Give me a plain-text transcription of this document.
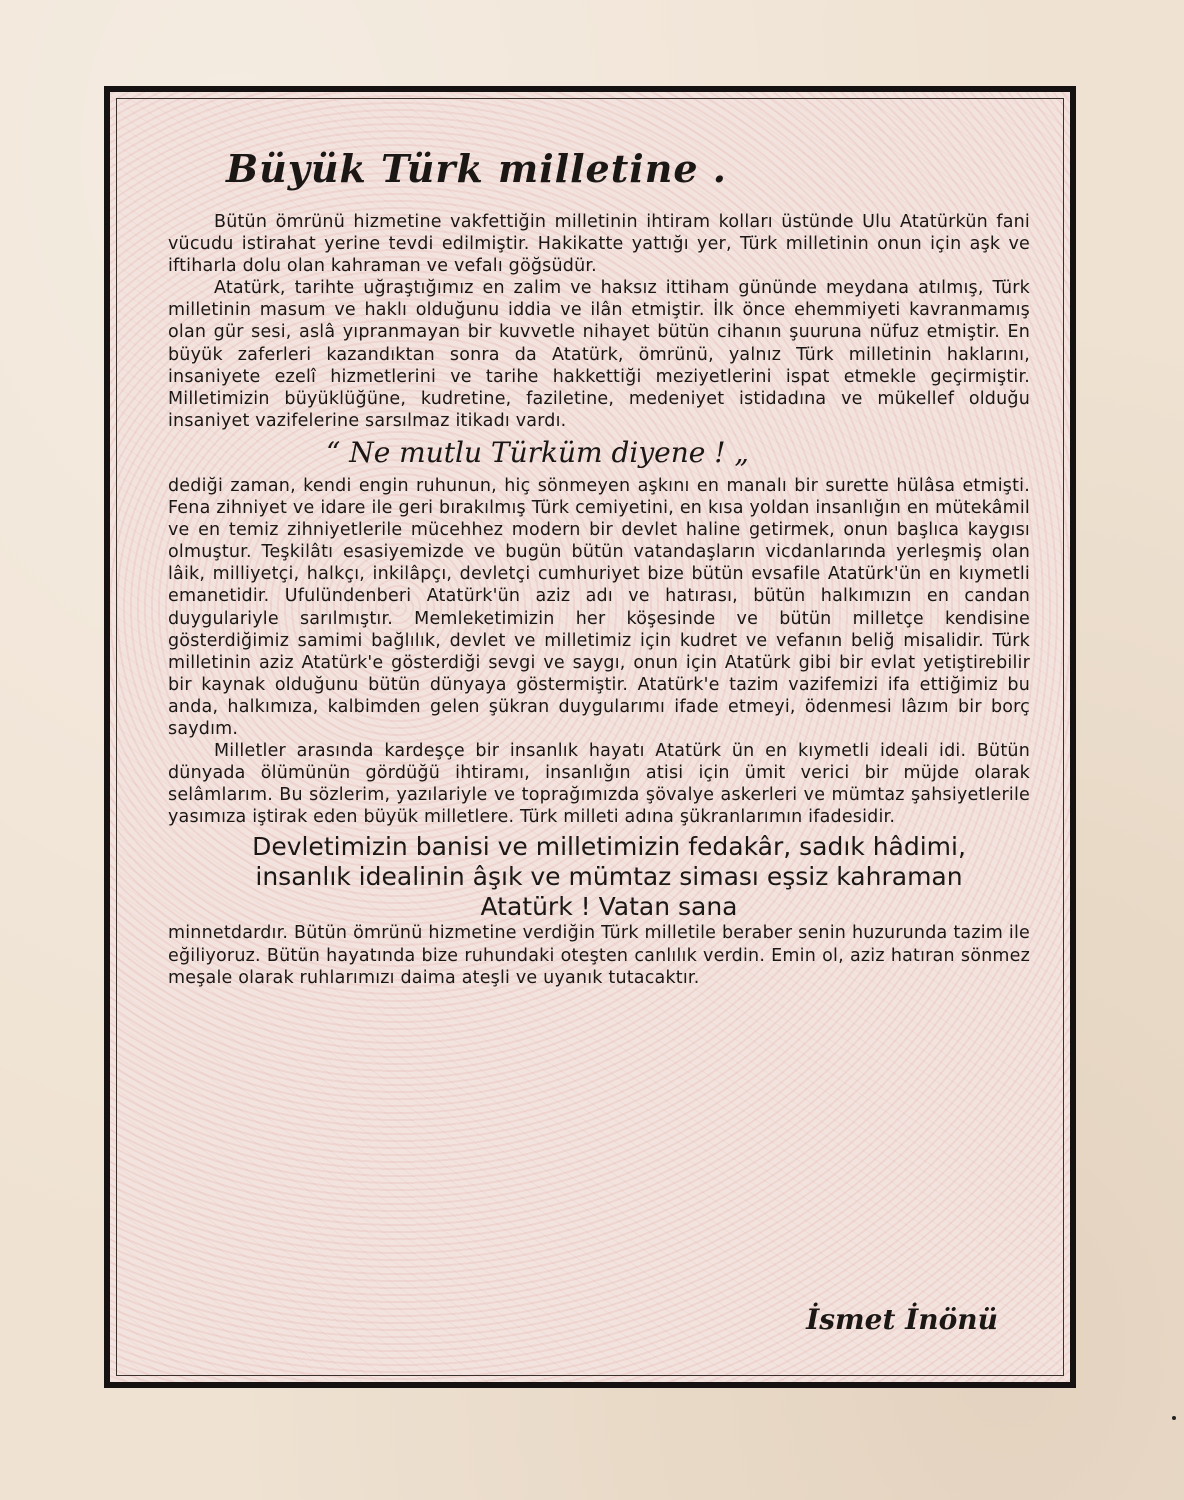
Büyük Türk milletine .

Bütün ömrünü hizmetine vakfettiğin milletinin ihtiram kolları üstünde Ulu Atatürkün fani vücudu istirahat yerine tevdi edilmiştir. Hakikatte yattığı yer, Türk milletinin onun için aşk ve iftiharla dolu olan kahraman ve vefalı göğsüdür.

Atatürk, tarihte uğraştığımız en zalim ve haksız ittiham gününde meydana atılmış, Türk milletinin masum ve haklı olduğunu iddia ve ilân etmiştir. İlk önce ehemmiyeti kavranmamış olan gür sesi, aslâ yıpranmayan bir kuvvetle nihayet bütün cihanın şuuruna nüfuz etmiştir. En büyük zaferleri kazandıktan sonra da Atatürk, ömrünü, yalnız Türk milletinin haklarını, insaniyete ezelî hizmetlerini ve tarihe hakkettiği meziyetlerini ispat etmekle geçirmiştir. Milletimizin büyüklüğüne, kudretine, faziletine, medeniyet istidadına ve mükellef olduğu insaniyet vazifelerine sarsılmaz itikadı vardı.

“ Ne mutlu Türküm diyene ! „

dediği zaman, kendi engin ruhunun, hiç sönmeyen aşkını en manalı bir surette hülâsa etmişti. Fena zihniyet ve idare ile geri bırakılmış Türk cemiyetini, en kısa yoldan insanlığın en mütekâmil ve en temiz zihniyetlerile mücehhez modern bir devlet haline getirmek, onun başlıca kaygısı olmuştur. Teşkilâtı esasiyemizde ve bugün bütün vatandaşların vicdanlarında yerleşmiş olan lâik, milliyetçi, halkçı, inkilâpçı, devletçi cumhuriyet bize bütün evsafile Atatürk'ün en kıymetli emanetidir. Ufulündenberi Atatürk'ün aziz adı ve hatırası, bütün halkımızın en candan duygulariyle sarılmıştır. Memleketimizin her köşesinde ve bütün milletçe kendisine gösterdiğimiz samimi bağlılık, devlet ve milletimiz için kudret ve vefanın beliğ misalidir. Türk milletinin aziz Atatürk'e gösterdiği sevgi ve saygı, onun için Atatürk gibi bir evlat yetiştirebilir bir kaynak olduğunu bütün dünyaya göstermiştir. Atatürk'e tazim vazifemizi ifa ettiğimiz bu anda, halkımıza, kalbimden gelen şükran duygularımı ifade etmeyi, ödenmesi lâzım bir borç saydım.

Milletler arasında kardeşçe bir insanlık hayatı Atatürk ün en kıymetli ideali idi. Bütün dünyada ölümünün gördüğü ihtiramı, insanlığın atisi için ümit verici bir müjde olarak selâmlarım. Bu sözlerim, yazılariyle ve toprağımızda şövalye askerleri ve mümtaz şahsiyetlerile yasımıza iştirak eden büyük milletlere. Türk milleti adına şükranlarımın ifadesidir.

Devletimizin banisi ve milletimizin fedakâr, sadık hâdimi, insanlık idealinin âşık ve mümtaz siması eşsiz kahraman Atatürk ! Vatan sana

minnetdardır. Bütün ömrünü hizmetine verdiğin Türk milletile beraber senin huzurunda tazim ile eğiliyoruz. Bütün hayatında bize ruhundaki oteşten canlılık verdin. Emin ol, aziz hatıran sönmez meşale olarak ruhlarımızı daima ateşli ve uyanık tutacaktır.

İsmet İnönü
